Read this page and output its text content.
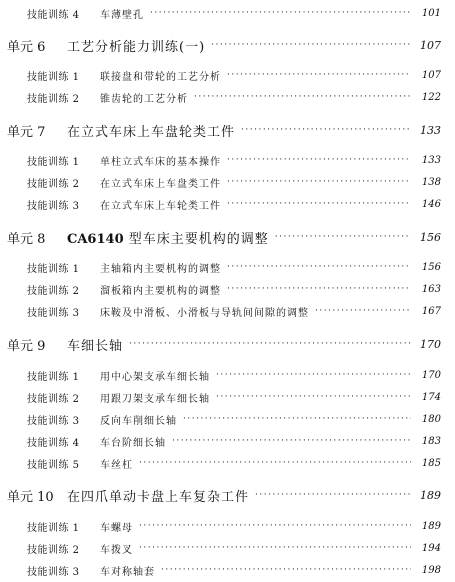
技能训练 4	车薄壁孔 ·····	101
单元 6	工艺分析能力训练(一) ·····	107
技能训练 1	联接盘和带轮的工艺分析 ·····	107
技能训练 2	锥齿轮的工艺分析 ·····	122
单元 7	在立式车床上车盘轮类工件 ·····	133
技能训练 1	单柱立式车床的基本操作 ·····	133
技能训练 2	在立式车床上车盘类工件 ·····	138
技能训练 3	在立式车床上车轮类工件 ·····	146
单元 8	CA6140 型车床主要机构的调整 ·····	156
技能训练 1	主轴箱内主要机构的调整 ·····	156
技能训练 2	溜板箱内主要机构的调整 ·····	163
技能训练 3	床鞍及中滑板、小滑板与导轨间间隙的调整 ·····	167
单元 9	车细长轴 ·····	170
技能训练 1	用中心架支承车细长轴 ·····	170
技能训练 2	用跟刀架支承车细长轴 ·····	174
技能训练 3	反向车削细长轴 ·····	180
技能训练 4	车台阶细长轴 ·····	183
技能训练 5	车丝杠 ·····	185
单元 10	在四爪单动卡盘上车复杂工件 ·····	189
技能训练 1	车螺母 ·····	189
技能训练 2	车拨叉 ·····	194
技能训练 3	车对称轴套 ·····	198
